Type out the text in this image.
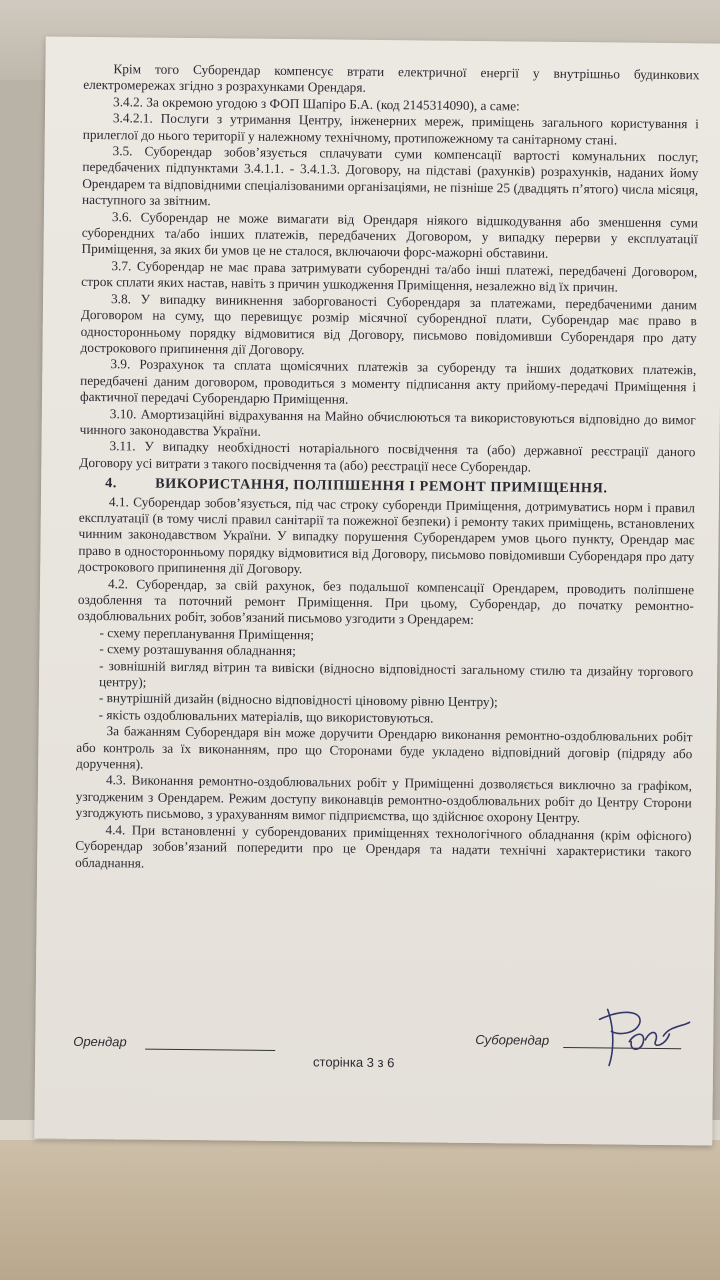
Крім того Суборендар компенсує втрати електричної енергії у внутрішньо будинкових електромережах згідно з розрахунками Орендаря.

3.4.2. За окремою угодою з ФОП Шапіро Б.А. (код 2145314090), а саме:

3.4.2.1. Послуги з утримання Центру, інженерних мереж, приміщень загального користування і прилеглої до нього території у належному технічному, протипожежному та санітарному стані.

3.5. Суборендар зобов’язується сплачувати суми компенсації вартості комунальних послуг, передбачених підпунктами 3.4.1.1. - 3.4.1.3. Договору, на підставі (рахунків) розрахунків, наданих йому Орендарем та відповідними спеціалізованими організаціями, не пізніше 25 (двадцять п’ятого) числа місяця, наступного за звітним.

3.6. Суборендар не може вимагати від Орендаря ніякого відшкодування або зменшення суми суборендних та/або інших платежів, передбачених Договором, у випадку перерви у експлуатації Приміщення, за яких би умов це не сталося, включаючи форс-мажорні обставини.

3.7. Суборендар не має права затримувати суборендні та/або інші платежі, передбачені Договором, строк сплати яких настав, навіть з причин ушкодження Приміщення, незалежно від їх причин.

3.8. У випадку виникнення заборгованості Суборендаря за платежами, передбаченими даним Договором на суму, що перевищує розмір місячної суборендної плати, Суборендар має право в односторонньому порядку відмовитися від Договору, письмово повідомивши Суборендаря про дату дострокового припинення дії Договору.

3.9. Розрахунок та сплата щомісячних платежів за суборенду та інших додаткових платежів, передбачені даним договором, проводиться з моменту підписання акту прийому-передачі Приміщення і фактичної передачі Суборендарю Приміщення.

3.10. Амортизаційні відрахування на Майно обчислюються та використовуються відповідно до вимог чинного законодавства України.

3.11. У випадку необхідності нотаріального посвідчення та (або) державної реєстрації даного Договору усі витрати з такого посвідчення та (або) реєстрації несе Суборендар.

4.	ВИКОРИСТАННЯ, ПОЛІПШЕННЯ І РЕМОНТ ПРИМІЩЕННЯ.

4.1. Суборендар зобов’язується, під час строку суборенди Приміщення, дотримуватись норм і правил експлуатації (в тому числі правил санітарії та пожежної безпеки) і ремонту таких приміщень, встановлених чинним законодавством України. У випадку порушення Суборендарем умов цього пункту, Орендар має право в односторонньому порядку відмовитися від Договору, письмово повідомивши Суборендаря про дату дострокового припинення дії Договору.

4.2. Суборендар, за свій рахунок, без подальшої компенсації Орендарем, проводить поліпшене оздоблення та поточний ремонт Приміщення. При цьому, Суборендар, до початку ремонтно-оздоблювальних робіт, зобов’язаний письмово узгодити з Орендарем:

- схему перепланування Приміщення;
- схему розташування обладнання;
- зовнішній вигляд вітрин та вивіски (відносно відповідності загальному стилю та дизайну торгового центру);
- внутрішній дизайн (відносно відповідності ціновому рівню Центру);
- якість оздоблювальних матеріалів, що використовуються.

За бажанням Суборендаря він може доручити Орендарю виконання ремонтно-оздоблювальних робіт або контроль за їх виконанням, про що Сторонами буде укладено відповідний договір (підряду або доручення).

4.3. Виконання ремонтно-оздоблювальних робіт у Приміщенні дозволяється виключно за графіком, узгодженим з Орендарем. Режим доступу виконавців ремонтно-оздоблювальних робіт до Центру Сторони узгоджують письмово, з урахуванням вимог підприємства, що здійснює охорону Центру.

4.4. При встановленні у суборендованих приміщеннях технологічного обладнання (крім офісного) Суборендар зобов’язаний попередити про це Орендаря та надати технічні характеристики такого обладнання.

Орендар
сторінка 3 з 6
Суборендар
